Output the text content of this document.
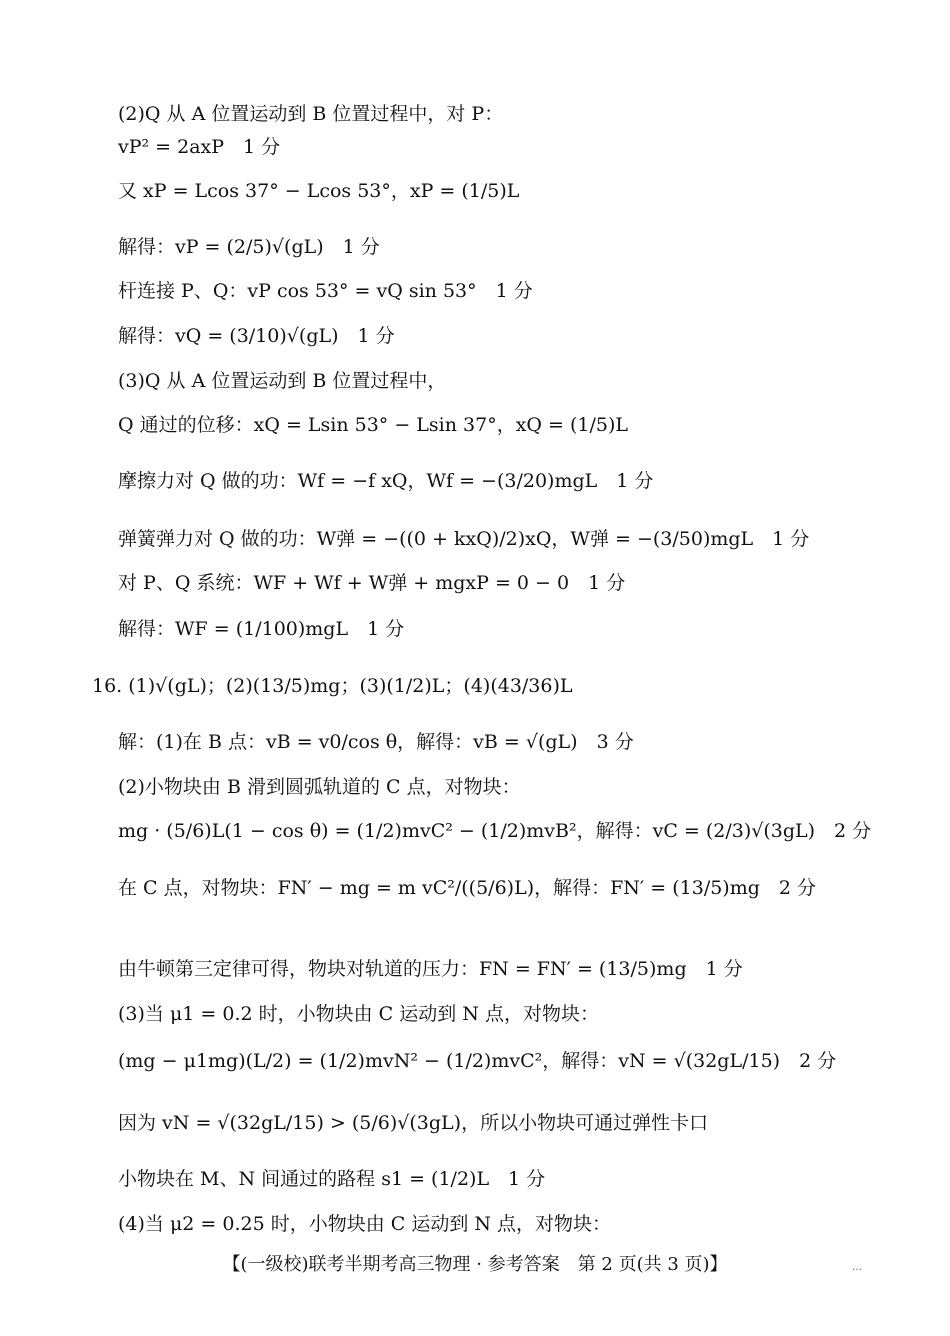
(2)Q 从 A 位置运动到 B 位置过程中，对 P：
vP² = 2axP　1 分
又 xP = Lcos 37° − Lcos 53°，xP = (1/5)L
解得：vP = (2/5)√(gL)　1 分
杆连接 P、Q：vP cos 53° = vQ sin 53°　1 分
解得：vQ = (3/10)√(gL)　1 分
(3)Q 从 A 位置运动到 B 位置过程中，
Q 通过的位移：xQ = Lsin 53° − Lsin 37°，xQ = (1/5)L
摩擦力对 Q 做的功：Wf = −f xQ，Wf = −(3/20)mgL　1 分
弹簧弹力对 Q 做的功：W弹 = −((0 + kxQ)/2)xQ，W弹 = −(3/50)mgL　1 分
对 P、Q 系统：WF + Wf + W弹 + mgxP = 0 − 0　1 分
解得：WF = (1/100)mgL　1 分
16. (1)√(gL)；(2)(13/5)mg；(3)(1/2)L；(4)(43/36)L
解：(1)在 B 点：vB = v0/cos θ，解得：vB = √(gL)　3 分
(2)小物块由 B 滑到圆弧轨道的 C 点，对物块：
mg · (5/6)L(1 − cos θ) = (1/2)mvC² − (1/2)mvB²，解得：vC = (2/3)√(3gL)　2 分
在 C 点，对物块：FN′ − mg = m vC²/((5/6)L)，解得：FN′ = (13/5)mg　2 分
由牛顿第三定律可得，物块对轨道的压力：FN = FN′ = (13/5)mg　1 分
(3)当 μ1 = 0.2 时，小物块由 C 运动到 N 点，对物块：
(mg − μ1mg)(L/2) = (1/2)mvN² − (1/2)mvC²，解得：vN = √(32gL/15)　2 分
因为 vN = √(32gL/15) > (5/6)√(3gL)，所以小物块可通过弹性卡口
小物块在 M、N 间通过的路程 s1 = (1/2)L　1 分
(4)当 μ2 = 0.25 时，小物块由 C 运动到 N 点，对物块：
【(一级校)联考半期考高三物理 · 参考答案　第 2 页(共 3 页)】	…
